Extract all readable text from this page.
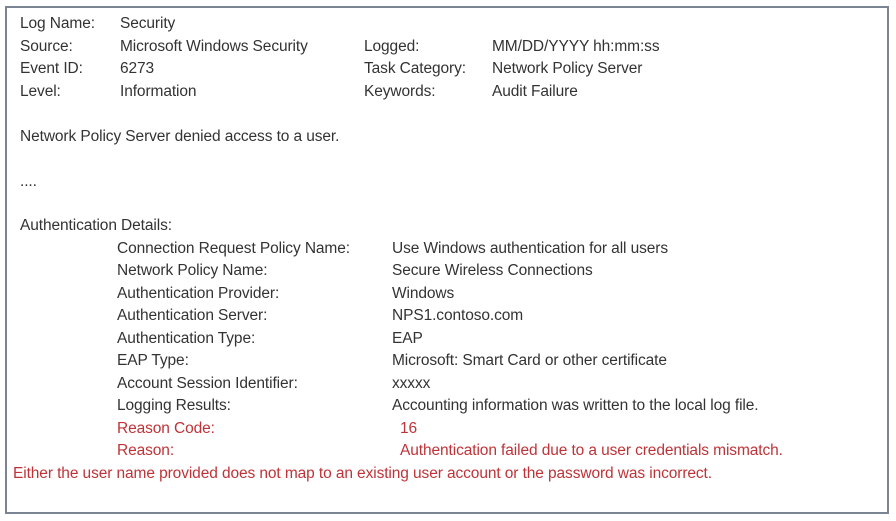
Log Name:	Security
Source:	Microsoft Windows Security	Logged:	MM/DD/YYYY hh:mm:ss
Event ID:	6273	Task Category:	Network Policy Server
Level:	Information	Keywords:	Audit Failure

Network Policy Server denied access to a user.

....

Authentication Details:

Connection Request Policy Name:	Use Windows authentication for all users
Network Policy Name:	Secure Wireless Connections
Authentication Provider:	Windows
Authentication Server:	NPS1.contoso.com
Authentication Type:	EAP
EAP Type:	Microsoft: Smart Card or other certificate
Account Session Identifier:	xxxxx
Logging Results:	Accounting information was written to the local log file.
Reason Code:	16
Reason:	Authentication failed due to a user credentials mismatch.

Either the user name provided does not map to an existing user account or the password was incorrect.
